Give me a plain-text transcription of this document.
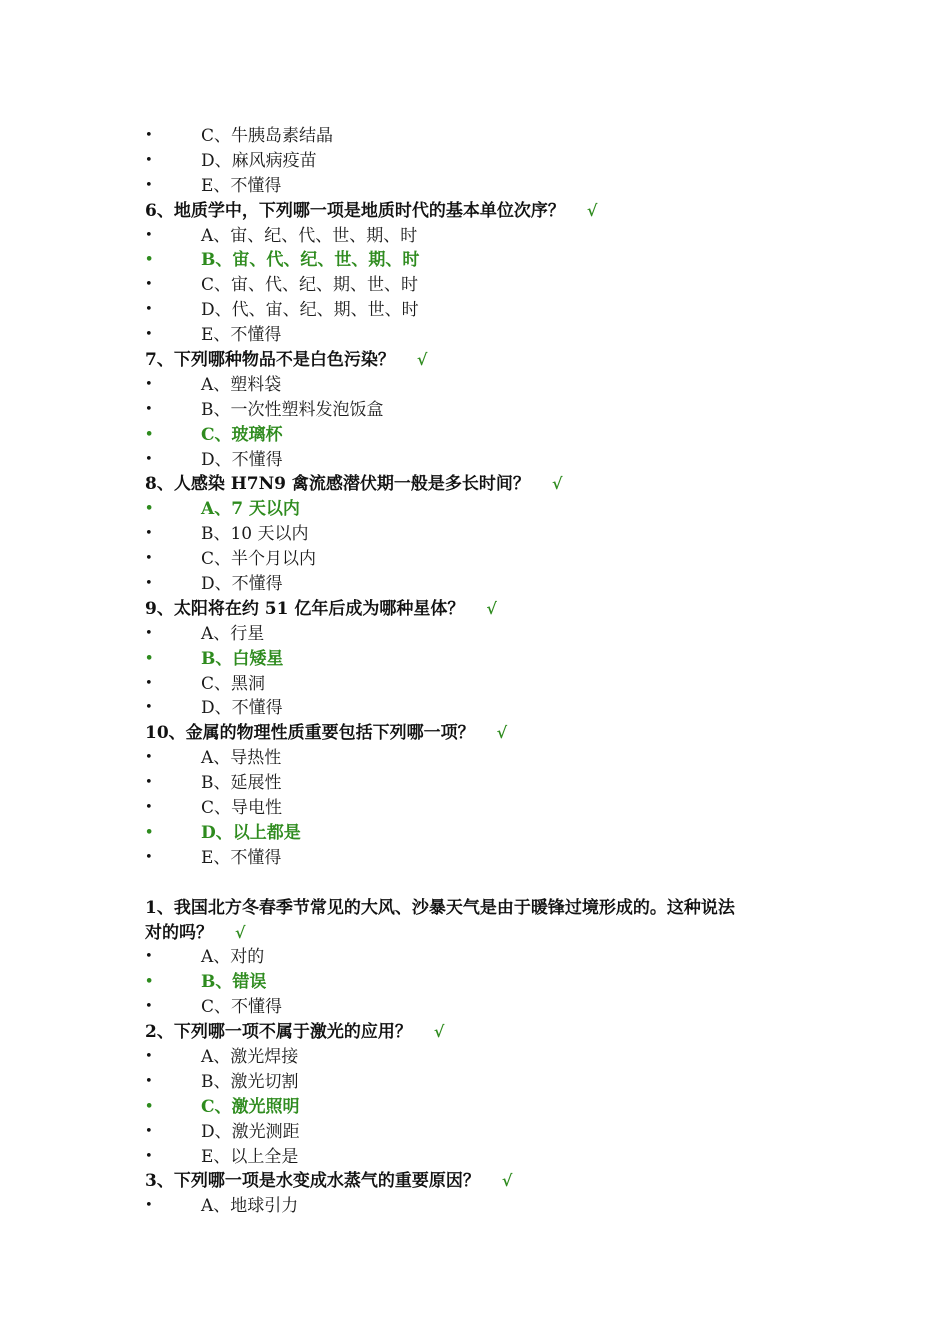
•	C、牛胰岛素结晶
•	D、麻风病疫苗
•	E、不懂得
6、地质学中，下列哪一项是地质时代的基本单位次序？ √
•	A、宙、纪、代、世、期、时
•	B、宙、代、纪、世、期、时
•	C、宙、代、纪、期、世、时
•	D、代、宙、纪、期、世、时
•	E、不懂得
7、下列哪种物品不是白色污染？ √
•	A、塑料袋
•	B、一次性塑料发泡饭盒
•	C、玻璃杯
•	D、不懂得
8、人感染 H7N9 禽流感潜伏期一般是多长时间？ √
•	A、7 天以内
•	B、10 天以内
•	C、半个月以内
•	D、不懂得
9、太阳将在约 51 亿年后成为哪种星体？ √
•	A、行星
•	B、白矮星
•	C、黑洞
•	D、不懂得
10、金属的物理性质重要包括下列哪一项？ √
•	A、导热性
•	B、延展性
•	C、导电性
•	D、以上都是
•	E、不懂得
1、我国北方冬春季节常见的大风、沙暴天气是由于暖锋过境形成的。这种说法
对的吗？ √
•	A、对的
•	B、错误
•	C、不懂得
2、下列哪一项不属于激光的应用？ √
•	A、激光焊接
•	B、激光切割
•	C、激光照明
•	D、激光测距
•	E、以上全是
3、下列哪一项是水变成水蒸气的重要原因？ √
•	A、地球引力
